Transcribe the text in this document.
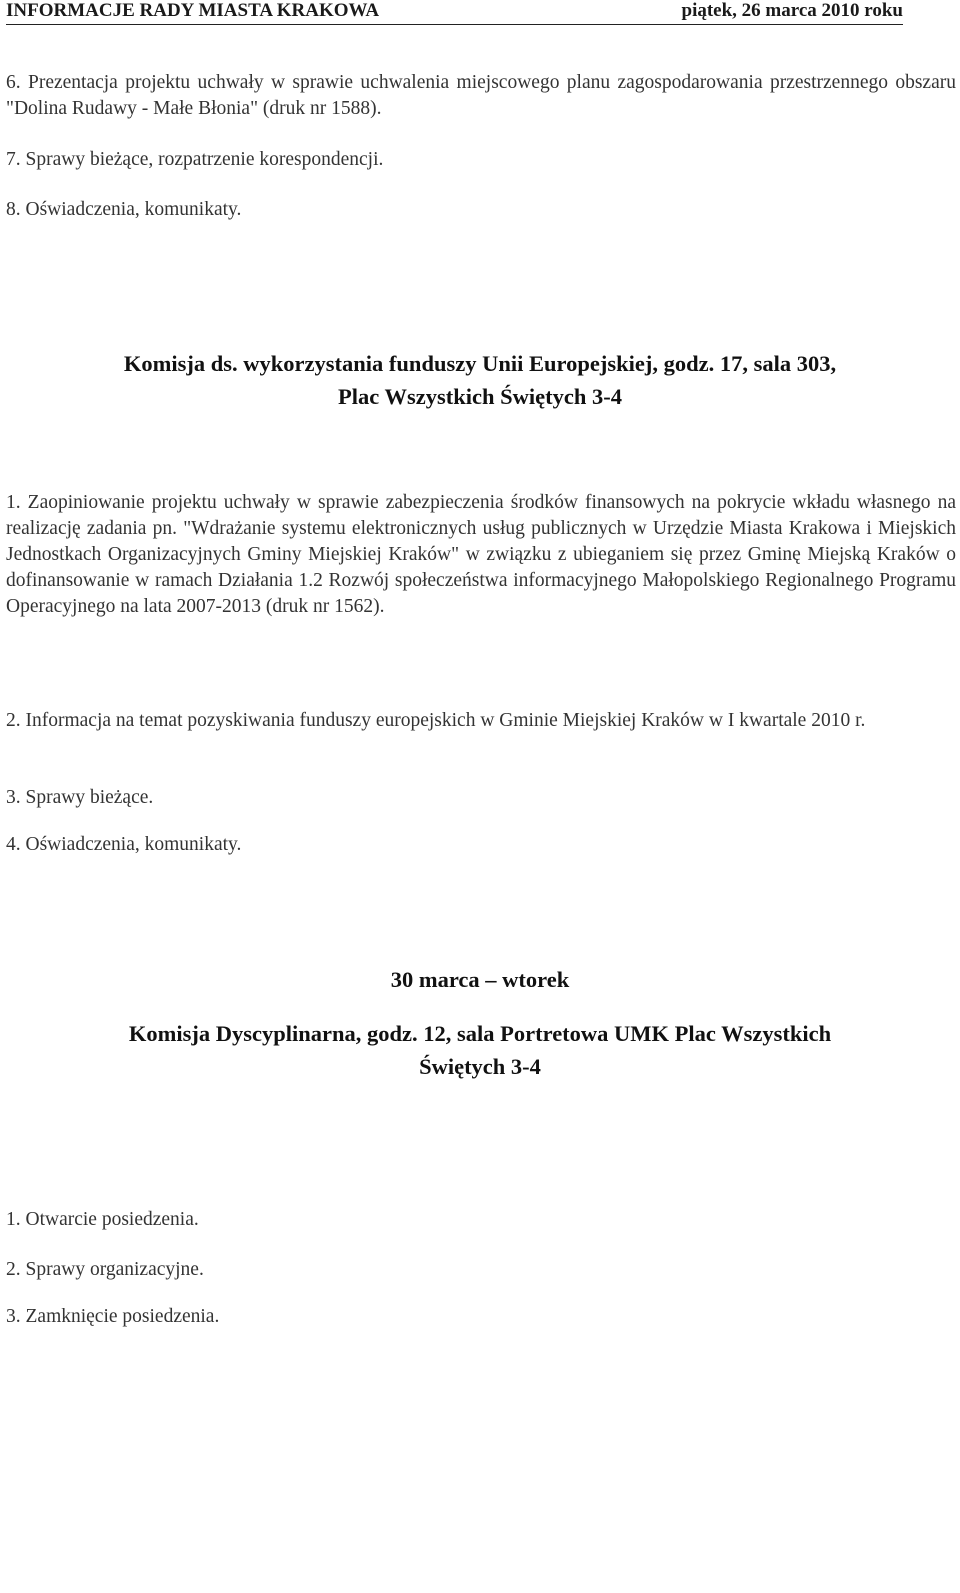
INFORMACJE RADY MIASTA KRAKOWA	piątek, 26 marca 2010 roku
6. Prezentacja projektu uchwały w sprawie uchwalenia miejscowego planu zagospodarowania przestrzennego obszaru "Dolina Rudawy - Małe Błonia" (druk nr 1588).
7. Sprawy bieżące, rozpatrzenie korespondencji.
8. Oświadczenia, komunikaty.
Komisja ds. wykorzystania funduszy Unii Europejskiej, godz. 17, sala 303,
Plac Wszystkich Świętych 3-4
1. Zaopiniowanie projektu uchwały w sprawie zabezpieczenia środków finansowych na pokrycie wkładu własnego na realizację zadania pn. "Wdrażanie systemu elektronicznych usług publicznych w Urzędzie Miasta Krakowa i Miejskich Jednostkach Organizacyjnych Gminy Miejskiej Kraków" w związku z ubieganiem się przez Gminę Miejską Kraków o dofinansowanie w ramach Działania 1.2 Rozwój społeczeństwa informacyjnego Małopolskiego Regionalnego Programu Operacyjnego na lata 2007-2013 (druk nr 1562).
2. Informacja na temat pozyskiwania funduszy europejskich w Gminie Miejskiej Kraków w I kwartale 2010 r.
3. Sprawy bieżące.
4. Oświadczenia, komunikaty.
30 marca – wtorek
Komisja Dyscyplinarna, godz. 12, sala Portretowa UMK Plac Wszystkich
Świętych 3-4
1. Otwarcie posiedzenia.
2. Sprawy organizacyjne.
3. Zamknięcie posiedzenia.
